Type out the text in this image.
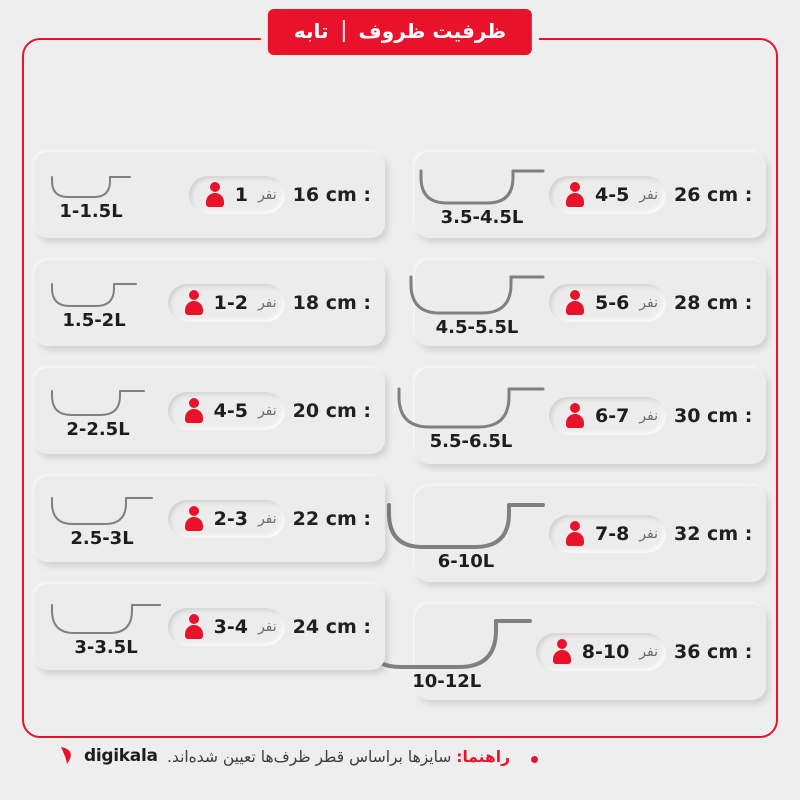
ظرفیت ظروف
تابه
26 cm :
نفر
4-5
3.5-4.5L
28 cm :
نفر
5-6
4.5-5.5L
30 cm :
نفر
6-7
5.5-6.5L
32 cm :
نفر
7-8
6-10L
36 cm :
نفر
8-10
10-12L
16 cm :
نفر
1
1-1.5L
18 cm :
نفر
1-2
1.5-2L
20 cm :
نفر
4-5
2-2.5L
22 cm :
نفر
2-3
2.5-3L
24 cm :
نفر
3-4
3-3.5L
راهنما: سایزها براساس قطر ظرف‌ها تعیین شده‌اند.
digikala
